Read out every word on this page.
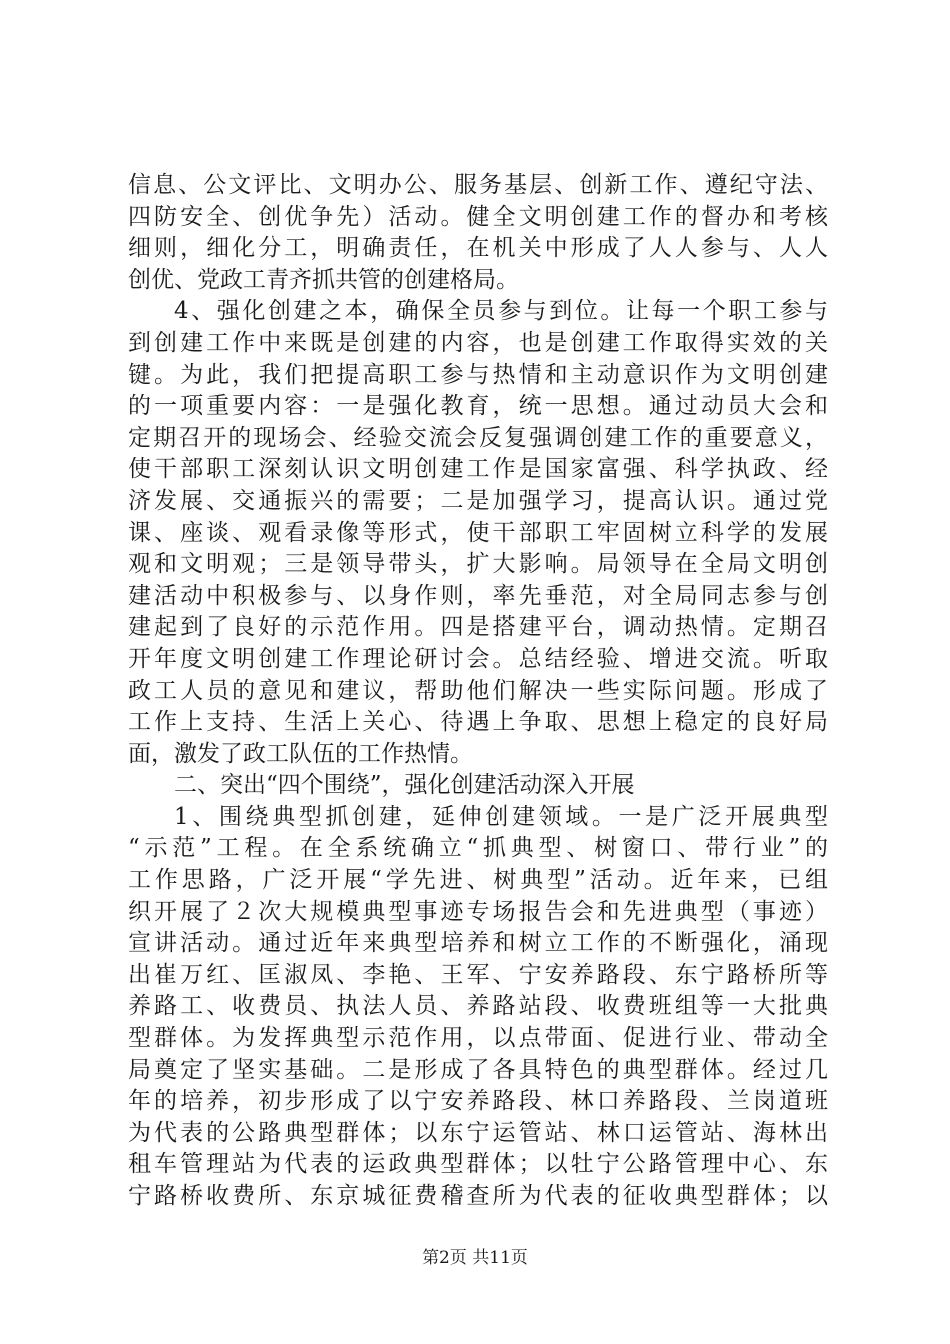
信息、公文评比、文明办公、服务基层、创新工作、遵纪守法、
四防安全、创优争先）活动。健全文明创建工作的督办和考核
细则，细化分工，明确责任，在机关中形成了人人参与、人人
创优、党政工青齐抓共管的创建格局。
4、强化创建之本，确保全员参与到位。让每一个职工参与
到创建工作中来既是创建的内容，也是创建工作取得实效的关
键。为此，我们把提高职工参与热情和主动意识作为文明创建
的一项重要内容：一是强化教育，统一思想。通过动员大会和
定期召开的现场会、经验交流会反复强调创建工作的重要意义，
使干部职工深刻认识文明创建工作是国家富强、科学执政、经
济发展、交通振兴的需要；二是加强学习，提高认识。通过党
课、座谈、观看录像等形式，使干部职工牢固树立科学的发展
观和文明观；三是领导带头，扩大影响。局领导在全局文明创
建活动中积极参与、以身作则，率先垂范，对全局同志参与创
建起到了良好的示范作用。四是搭建平台，调动热情。定期召
开年度文明创建工作理论研讨会。总结经验、增进交流。听取
政工人员的意见和建议，帮助他们解决一些实际问题。形成了
工作上支持、生活上关心、待遇上争取、思想上稳定的良好局
面，激发了政工队伍的工作热情。
二、突出“四个围绕”，强化创建活动深入开展
1、围绕典型抓创建，延伸创建领域。一是广泛开展典型
“示范”工程。在全系统确立“抓典型、树窗口、带行业”的
工作思路，广泛开展“学先进、树典型”活动。近年来，已组
织开展了２次大规模典型事迹专场报告会和先进典型（事迹）
宣讲活动。通过近年来典型培养和树立工作的不断强化，涌现
出崔万红、匡淑凤、李艳、王军、宁安养路段、东宁路桥所等
养路工、收费员、执法人员、养路站段、收费班组等一大批典
型群体。为发挥典型示范作用，以点带面、促进行业、带动全
局奠定了坚实基础。二是形成了各具特色的典型群体。经过几
年的培养，初步形成了以宁安养路段、林口养路段、兰岗道班
为代表的公路典型群体；以东宁运管站、林口运管站、海林出
租车管理站为代表的运政典型群体；以牡宁公路管理中心、东
宁路桥收费所、东京城征费稽查所为代表的征收典型群体；以
第2页 共11页
